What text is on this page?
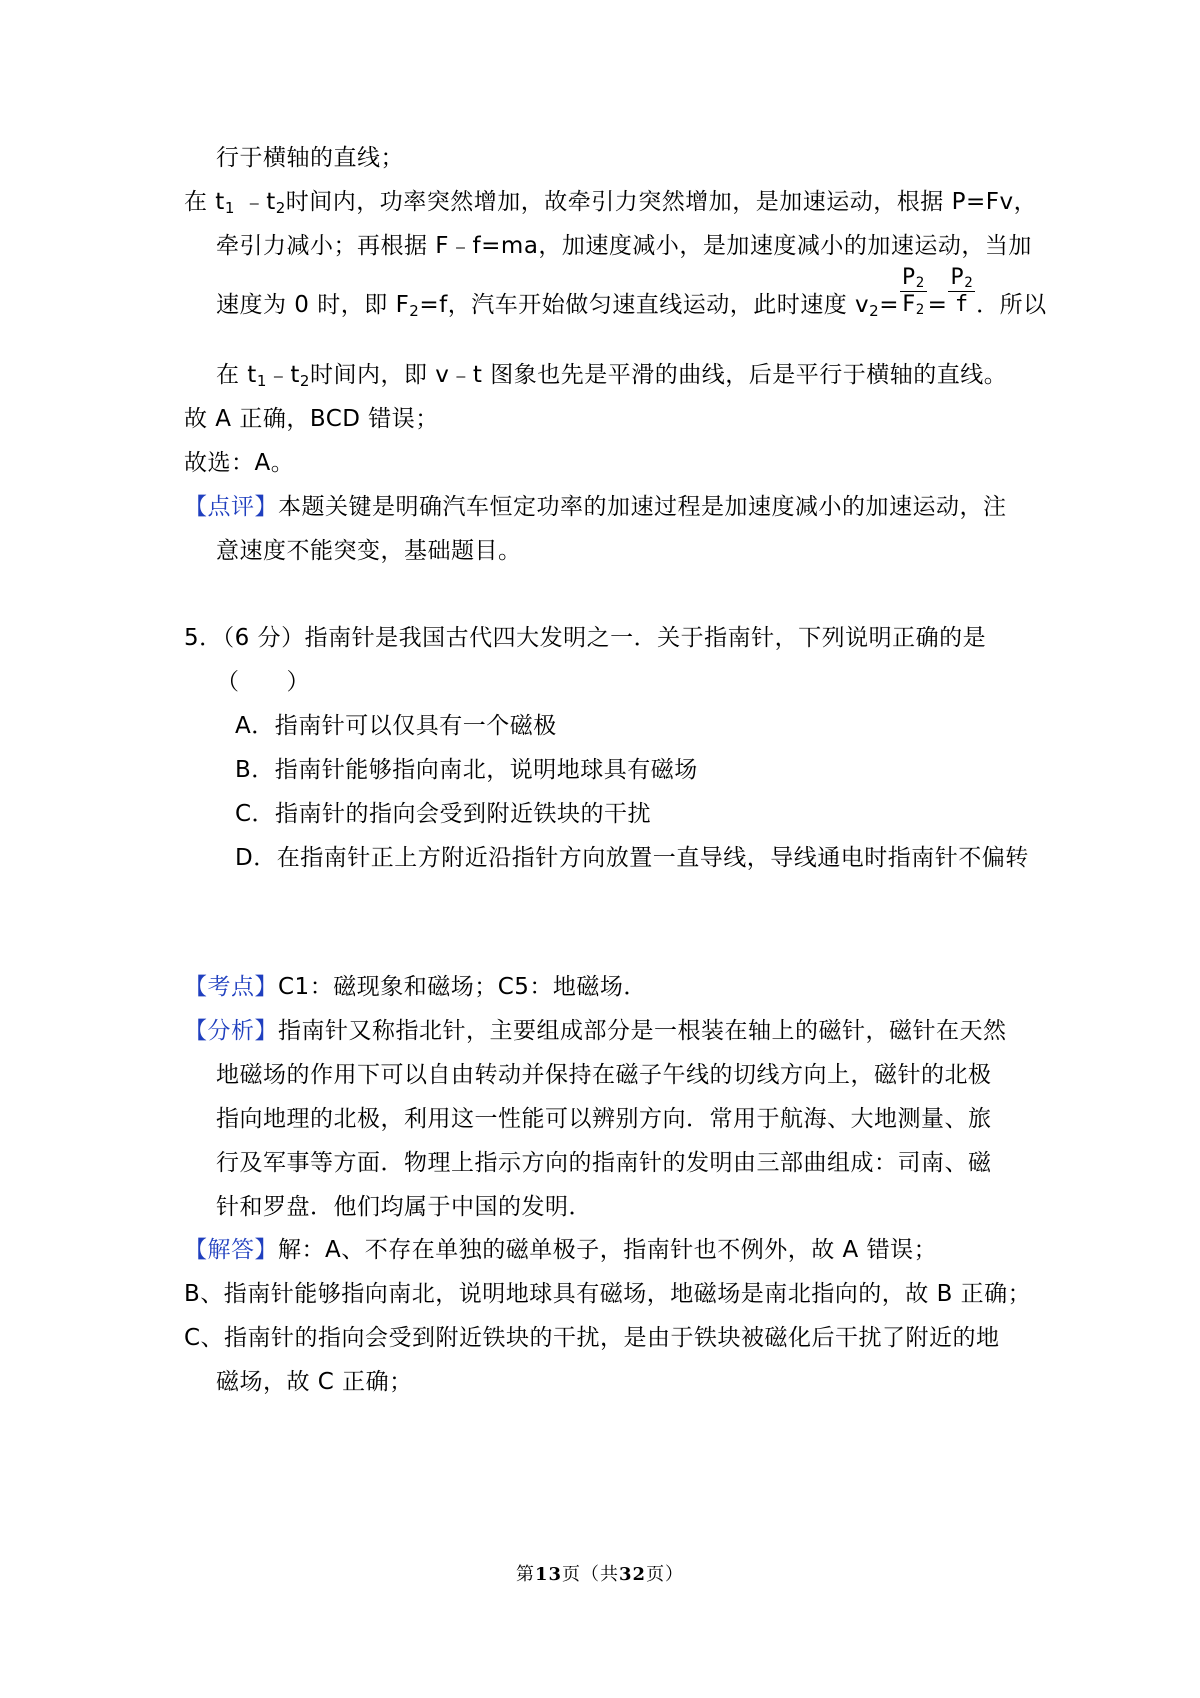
行于横轴的直线；
在 $t_1$ $﹣t_2$时间内，功率突然增加，故牵引力突然增加，是加速运动，根据 P=Fv，
牵引力减小；再根据 F﹣f=ma，加速度减小，是加速度减小的加速运动，当加
速度为 0 时，即 $F_2=f$，汽车开始做匀速直线运动，此时速度 $v_2= \frac{P_2}{F_2} = \frac{P_2}{f}$ ．所以
在 $t_1﹣t_2$时间内，即 v﹣t 图象也先是平滑的曲线，后是平行于横轴的直线。
故 A 正确，BCD 错误；
故选：A。
【点评】本题关键是明确汽车恒定功率的加速过程是加速度减小的加速运动，注
意速度不能突变，基础题目。
5．（6 分）指南针是我国古代四大发明之一．关于指南针，下列说明正确的是
（　　）
A．指南针可以仅具有一个磁极
B．指南针能够指向南北，说明地球具有磁场
C．指南针的指向会受到附近铁块的干扰
D．在指南针正上方附近沿指针方向放置一直导线，导线通电时指南针不偏转
【考点】C1：磁现象和磁场；C5：地磁场．
【分析】指南针又称指北针，主要组成部分是一根装在轴上的磁针，磁针在天然
地磁场的作用下可以自由转动并保持在磁子午线的切线方向上，磁针的北极
指向地理的北极，利用这一性能可以辨别方向．常用于航海、大地测量、旅
行及军事等方面．物理上指示方向的指南针的发明由三部曲组成：司南、磁
针和罗盘．他们均属于中国的发明．
【解答】解：A、不存在单独的磁单极子，指南针也不例外，故 A 错误；
B、指南针能够指向南北，说明地球具有磁场，地磁场是南北指向的，故 B 正确；
C、指南针的指向会受到附近铁块的干扰，是由于铁块被磁化后干扰了附近的地
磁场，故 C 正确；
第13页（共32页）
